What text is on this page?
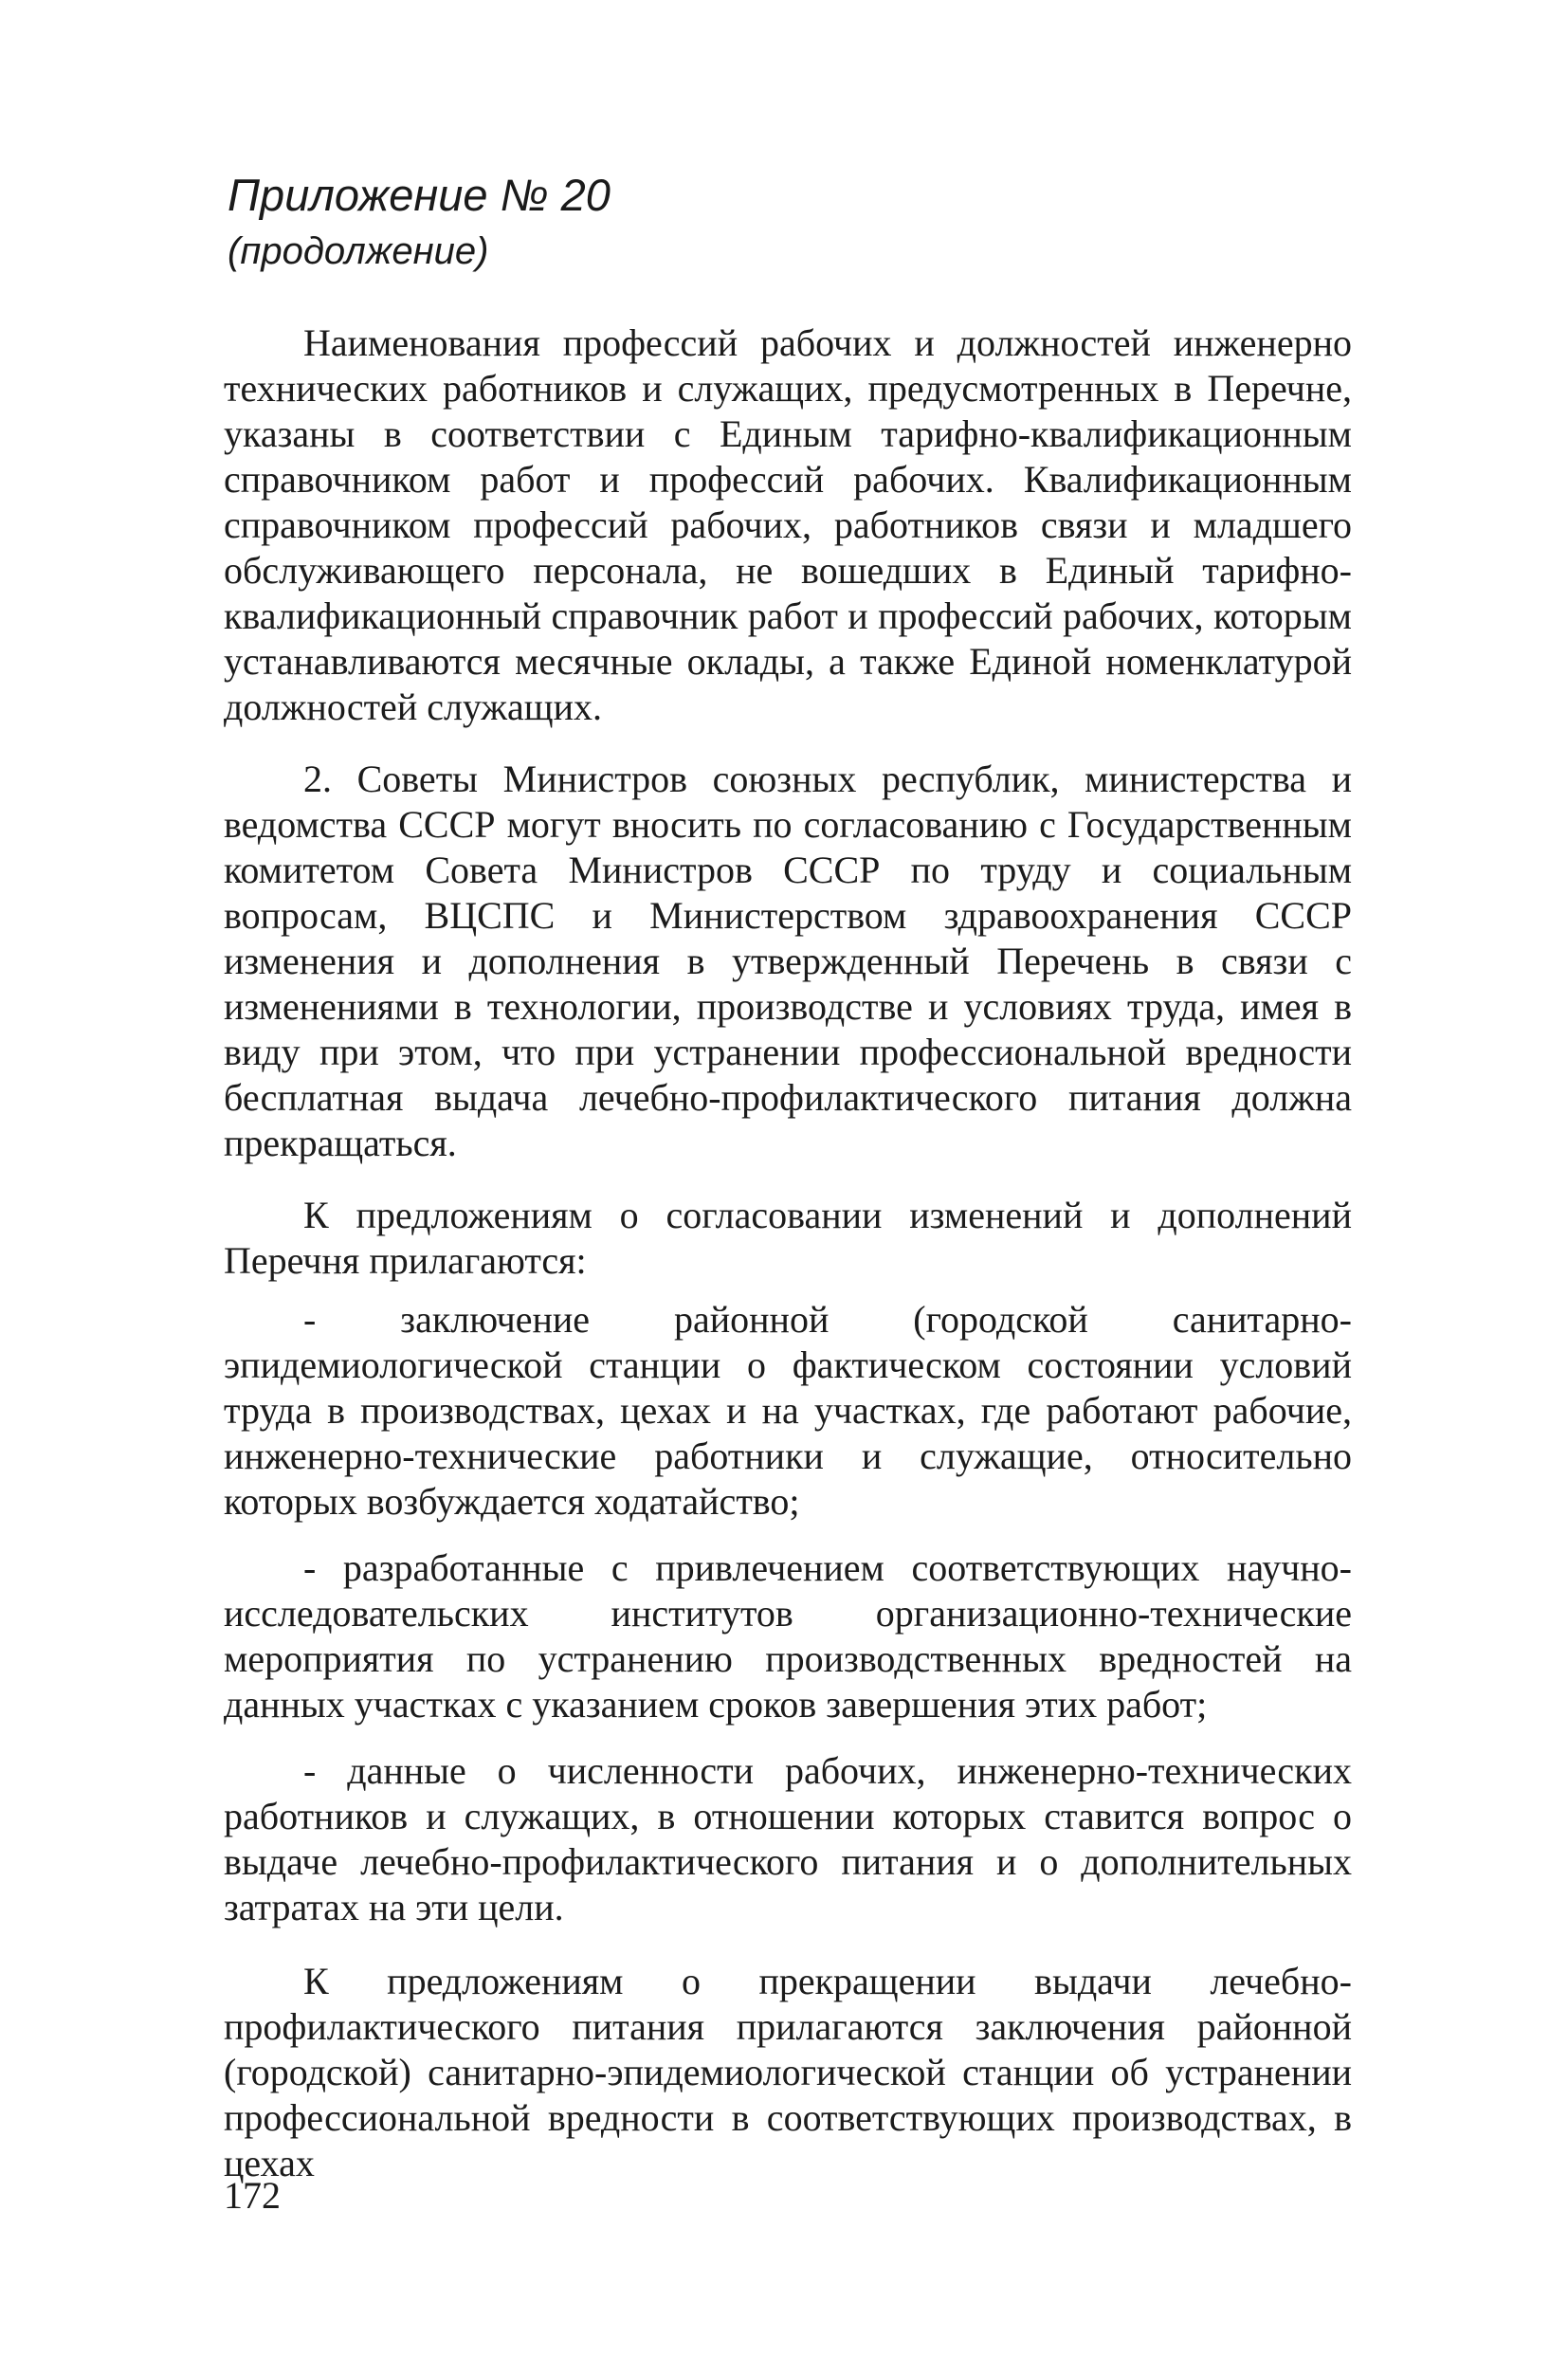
Приложение № 20
(продолжение)

Наименования профессий рабочих и должностей инженерно технических работников и служащих, предусмотренных в Перечне, указаны в соответствии с Единым тарифно-квалификационным справочником работ и профессий рабочих. Квалификационным справочником профессий рабочих, работников связи и младшего обслуживающего персонала, не вошедших в Единый тарифно-квалификационный справочник работ и профессий рабочих, которым устанавливаются месячные оклады, а также Единой номенклатурой должностей служащих.

2. Советы Министров союзных республик, министерства и ведомства СССР могут вносить по согласованию с Государственным комитетом Совета Министров СССР по труду и социальным вопросам, ВЦСПС и Министерством здравоохранения СССР изменения и дополнения в утвержденный Перечень в связи с изменениями в технологии, производстве и условиях труда, имея в виду при этом, что при устранении профессиональной вредности бесплатная выдача лечебно-профилактического питания должна прекращаться.

К предложениям о согласовании изменений и дополнений Перечня прилагаются:

- заключение районной (городской санитарно-эпидемиологической станции о фактическом состоянии условий труда в производствах, цехах и на участках, где работают рабочие, инженерно-технические работники и служащие, относительно которых возбуждается ходатайство;

- разработанные с привлечением соответствующих научно-исследовательских институтов организационно-технические мероприятия по устранению производственных вредностей на данных участках с указанием сроков завершения этих работ;

- данные о численности рабочих, инженерно-технических работников и служащих, в отношении которых ставится вопрос о выдаче лечебно-профилактического питания и о дополнительных затратах на эти цели.

К предложениям о прекращении выдачи лечебно-профилактического питания прилагаются заключения районной (городской) санитарно-эпидемиологической станции об устранении профессиональной вредности в соответствующих производствах, в цехах

172
